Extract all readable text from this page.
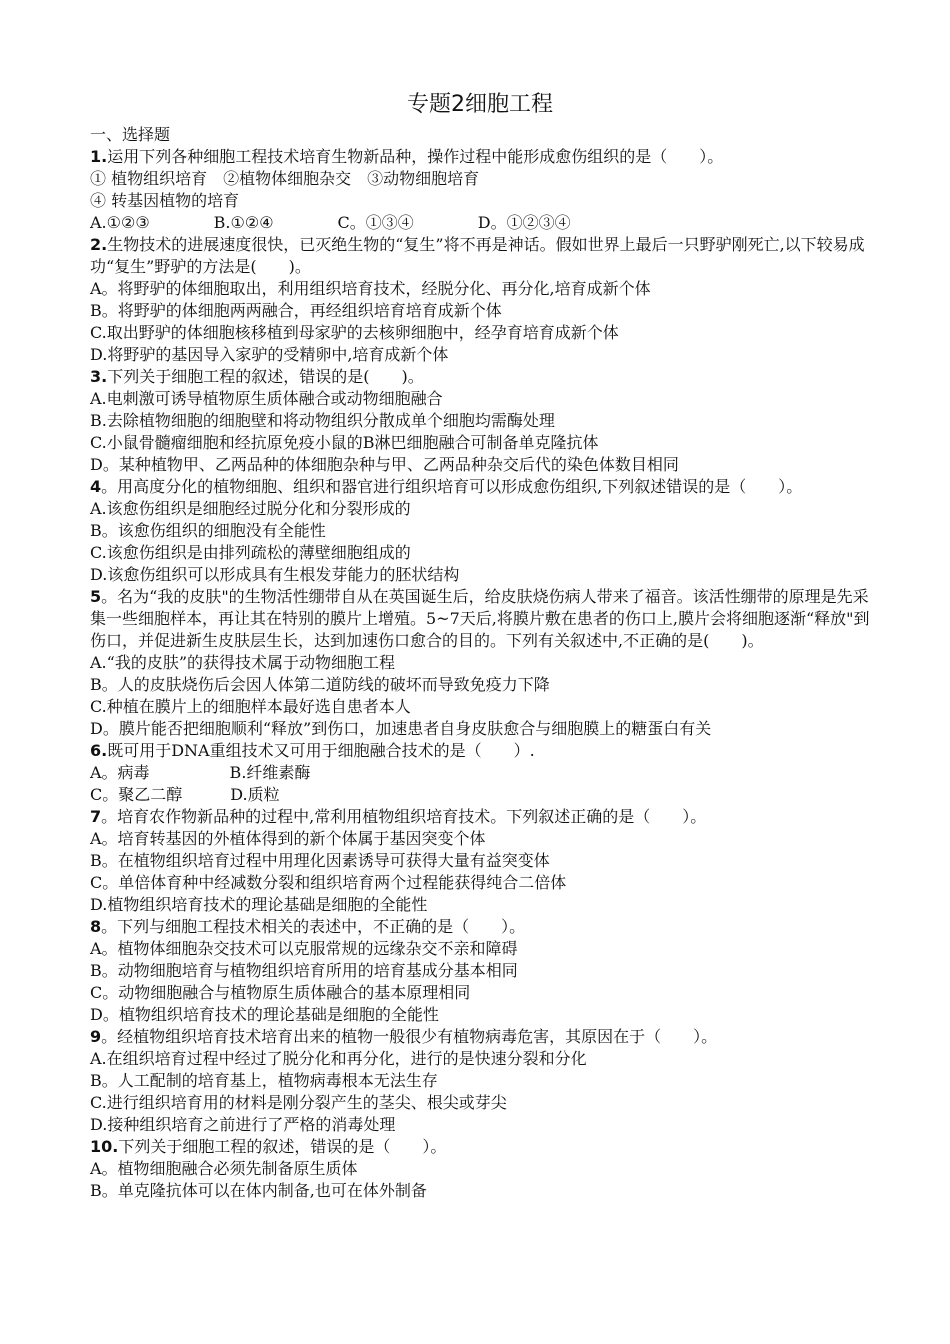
专题2细胞工程

一、选择题

1.运用下列各种细胞工程技术培育生物新品种，操作过程中能形成愈伤组织的是（　　）。

① 植物组织培育　②植物体细胞杂交　③动物细胞培育

④ 转基因植物的培育

A.①②③　　　　B.①②④　　　　C。①③④　　　　D。①②③④

2.生物技术的进展速度很快，已灭绝生物的“复生”将不再是神话。假如世界上最后一只野驴刚死亡,以下较易成功“复生”野驴的方法是(　　)。

A。将野驴的体细胞取出，利用组织培育技术，经脱分化、再分化,培育成新个体

B。将野驴的体细胞两两融合，再经组织培育培育成新个体

C.取出野驴的体细胞核移植到母家驴的去核卵细胞中，经孕育培育成新个体

D.将野驴的基因导入家驴的受精卵中,培育成新个体

3.下列关于细胞工程的叙述，错误的是(　　)。

A.电刺激可诱导植物原生质体融合或动物细胞融合

B.去除植物细胞的细胞壁和将动物组织分散成单个细胞均需酶处理

C.小鼠骨髓瘤细胞和经抗原免疫小鼠的B淋巴细胞融合可制备单克隆抗体

D。某种植物甲、乙两品种的体细胞杂种与甲、乙两品种杂交后代的染色体数目相同

4。用高度分化的植物细胞、组织和器官进行组织培育可以形成愈伤组织,下列叙述错误的是（　　）。

A.该愈伤组织是细胞经过脱分化和分裂形成的

B。该愈伤组织的细胞没有全能性

C.该愈伤组织是由排列疏松的薄壁细胞组成的

D.该愈伤组织可以形成具有生根发芽能力的胚状结构

5。名为“我的皮肤"的生物活性绷带自从在英国诞生后，给皮肤烧伤病人带来了福音。该活性绷带的原理是先采集一些细胞样本，再让其在特别的膜片上增殖。5~7天后,将膜片敷在患者的伤口上,膜片会将细胞逐渐“释放"到伤口，并促进新生皮肤层生长，达到加速伤口愈合的目的。下列有关叙述中,不正确的是(　　)。

A.“我的皮肤”的获得技术属于动物细胞工程

B。人的皮肤烧伤后会因人体第二道防线的破坏而导致免疫力下降

C.种植在膜片上的细胞样本最好选自患者本人

D。膜片能否把细胞顺利“释放”到伤口，加速患者自身皮肤愈合与细胞膜上的糖蛋白有关

6.既可用于DNA重组技术又可用于细胞融合技术的是（　　）.

A。病毒　　　　　B.纤维素酶

C。聚乙二醇　　　D.质粒

7。培育农作物新品种的过程中,常利用植物组织培育技术。下列叙述正确的是（　　）。

A。培育转基因的外植体得到的新个体属于基因突变个体

B。在植物组织培育过程中用理化因素诱导可获得大量有益突变体

C。单倍体育种中经减数分裂和组织培育两个过程能获得纯合二倍体

D.植物组织培育技术的理论基础是细胞的全能性

8。下列与细胞工程技术相关的表述中，不正确的是（　　）。

A。植物体细胞杂交技术可以克服常规的远缘杂交不亲和障碍

B。动物细胞培育与植物组织培育所用的培育基成分基本相同

C。动物细胞融合与植物原生质体融合的基本原理相同

D。植物组织培育技术的理论基础是细胞的全能性

9。经植物组织培育技术培育出来的植物一般很少有植物病毒危害，其原因在于（　　）。

A.在组织培育过程中经过了脱分化和再分化，进行的是快速分裂和分化

B。人工配制的培育基上，植物病毒根本无法生存

C.进行组织培育用的材料是刚分裂产生的茎尖、根尖或芽尖

D.接种组织培育之前进行了严格的消毒处理

10.下列关于细胞工程的叙述，错误的是（　　）。

A。植物细胞融合必须先制备原生质体

B。单克隆抗体可以在体内制备,也可在体外制备
